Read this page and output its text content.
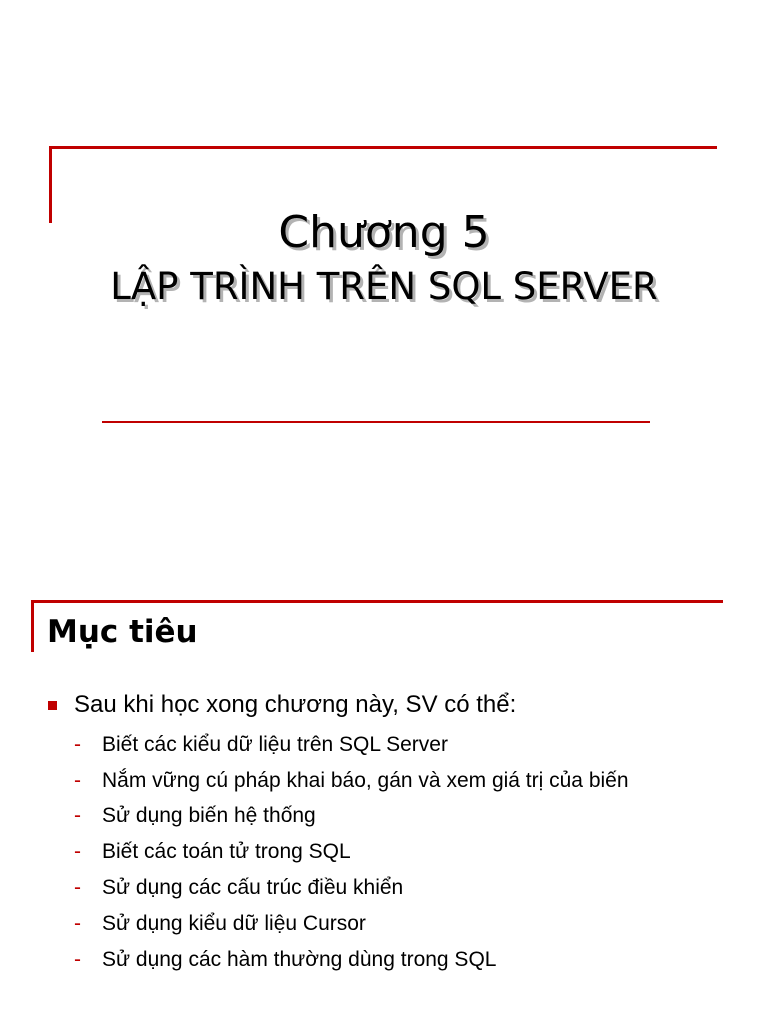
Chương 5
LẬP TRÌNH TRÊN SQL SERVER
Mục tiêu
Sau khi học xong chương này, SV có thể:
-	Biết các kiểu dữ liệu trên SQL Server
-	Nắm vững cú pháp khai báo, gán và xem giá trị của biến
-	Sử dụng biến hệ thống
-	Biết các toán tử trong SQL
-	Sử dụng các cấu trúc điều khiển
-	Sử dụng kiểu dữ liệu Cursor
-	Sử dụng các hàm thường dùng trong SQL
